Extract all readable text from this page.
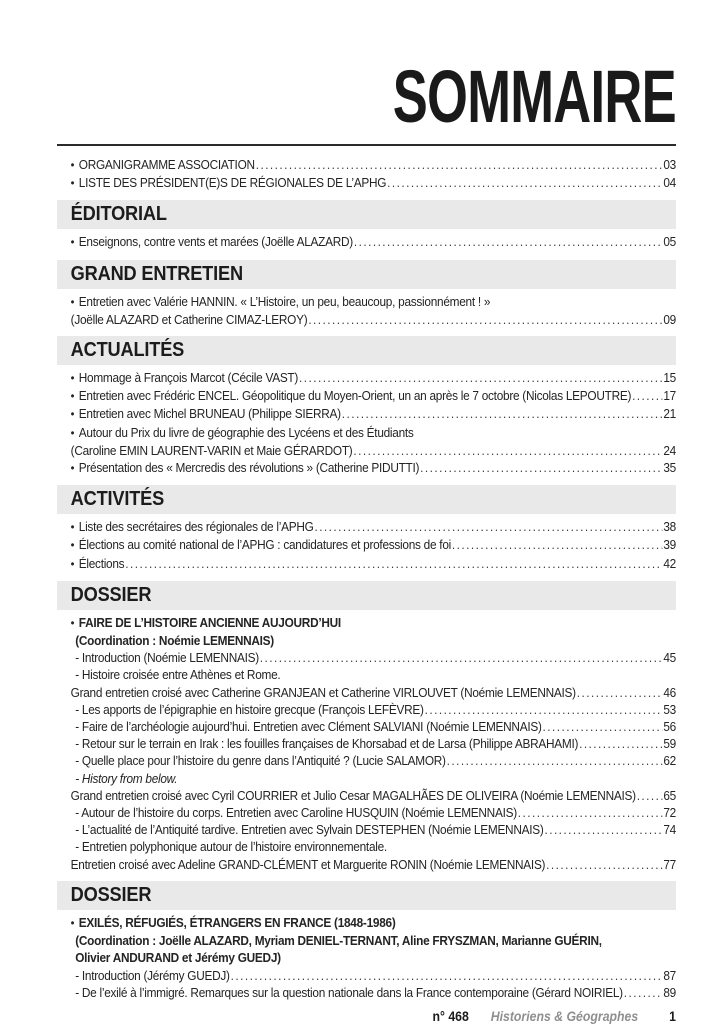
SOMMAIRE
• ORGANIGRAMME ASSOCIATION .....	03
• LISTE DES PRÉSIDENT(E)S DE RÉGIONALES DE L’APHG .....	04
ÉDITORIAL
• Enseignons, contre vents et marées (Joëlle ALAZARD) .....	05
GRAND ENTRETIEN
• Entretien avec Valérie HANNIN. « L’Histoire, un peu, beaucoup, passionnément ! »
(Joëlle ALAZARD et Catherine CIMAZ-LEROY) .....	09
ACTUALITÉS
• Hommage à François Marcot (Cécile VAST) .....	15
• Entretien avec Frédéric ENCEL. Géopolitique du Moyen-Orient, un an après le 7 octobre (Nicolas LEPOUTRE) ..... 17
• Entretien avec Michel BRUNEAU (Philippe SIERRA) .....	21
• Autour du Prix du livre de géographie des Lycéens et des Étudiants
(Caroline EMIN LAURENT-VARIN et Maie GÉRARDOT) .....	24
• Présentation des « Mercredis des révolutions » (Catherine PIDUTTI) .....	35
ACTIVITÉS
• Liste des secrétaires des régionales de l’APHG .....	38
• Élections au comité national de l’APHG : candidatures et professions de foi .....	39
• Élections .....	42
DOSSIER
• FAIRE DE L’HISTOIRE ANCIENNE AUJOURD’HUI
(Coordination : Noémie LEMENNAIS)
- Introduction (Noémie LEMENNAIS) .....	45
- Histoire croisée entre Athènes et Rome.
Grand entretien croisé avec Catherine GRANJEAN et Catherine VIRLOUVET (Noémie LEMENNAIS) .....	46
- Les apports de l’épigraphie en histoire grecque (François LEFÈVRE) .....	53
- Faire de l’archéologie aujourd’hui. Entretien avec Clément SALVIANI (Noémie LEMENNAIS) .....	56
- Retour sur le terrain en Irak : les fouilles françaises de Khorsabad et de Larsa (Philippe ABRAHAMI) .....	59
- Quelle place pour l’histoire du genre dans l’Antiquité ? (Lucie SALAMOR) .....	62
- History from below.
Grand entretien croisé avec Cyril COURRIER et Julio Cesar MAGALHÃES DE OLIVEIRA (Noémie LEMENNAIS) ..... 65
- Autour de l’histoire du corps. Entretien avec Caroline HUSQUIN (Noémie LEMENNAIS) .....	72
- L’actualité de l’Antiquité tardive. Entretien avec Sylvain DESTEPHEN (Noémie LEMENNAIS) .....	74
- Entretien polyphonique autour de l’histoire environnementale.
Entretien croisé avec Adeline GRAND-CLÉMENT et Marguerite RONIN (Noémie LEMENNAIS) .....	77
DOSSIER
• EXILÉS, RÉFUGIÉS, ÉTRANGERS EN FRANCE (1848-1986)
(Coordination : Joëlle ALAZARD, Myriam DENIEL-TERNANT, Aline FRYSZMAN, Marianne GUÉRIN,
Olivier ANDURAND et Jérémy GUEDJ)
- Introduction (Jérémy GUEDJ) .....	87
- De l’exilé à l’immigré. Remarques sur la question nationale dans la France contemporaine (Gérard NOIRIEL) .....	89
n° 468 Historiens & Géographes 1
